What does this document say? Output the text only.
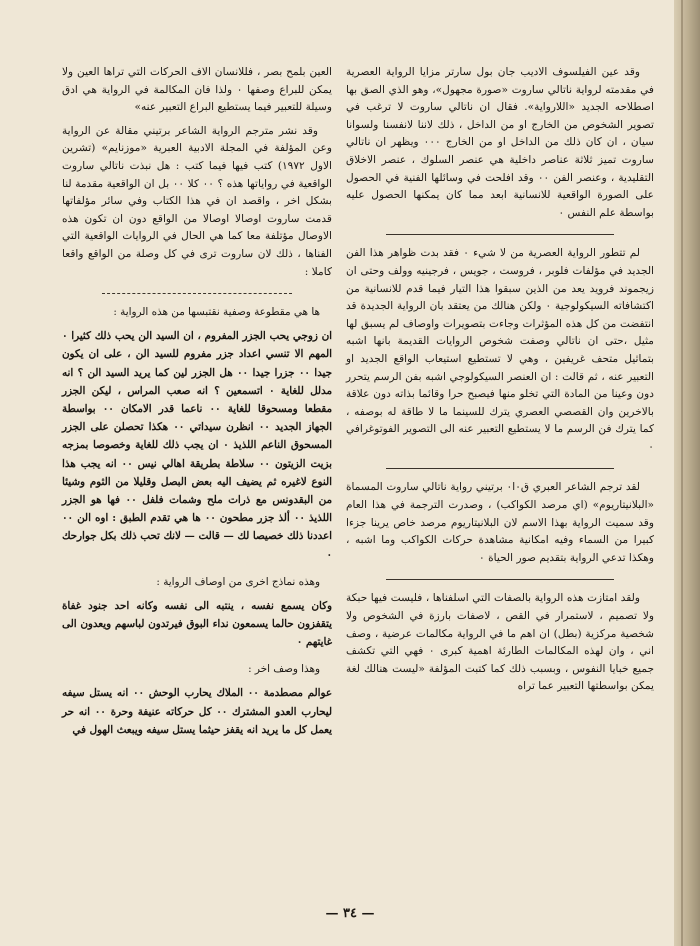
وقد عين الفيلسوف الاديب جان بول سارتر مزايا الرواية العصرية في مقدمته لرواية ناتالي ساروت «صورة مجهول»، وهو الذي الصق بها اصطلاحه الجديد «اللارواية». فقال ان ناتالي ساروت لا ترغب في تصوير الشخوص من الخارج او من الداخل ، ذلك لاننا لانفسنا ولسوانا سيان ، ان كان ذلك من الداخل او من الخارج ٠٠٠ ويظهر ان ناتالي ساروت تميز ثلاثة عناصر داخلية هي عنصر السلوك ، عنصر الاخلاق التقليدية ، وعنصر الفن ٠٠ وقد افلحت في وسائلها الفنية في الحصول على الصورة الواقعية للانسانية ابعد مما كان يمكنها الحصول عليه بواسطة علم النفس ٠

لم تتطور الرواية العصرية من لا شيء ٠ فقد بدت ظواهر هذا الفن الجديد في مؤلفات فلوبر ، فروست ، جويس ، فرجينيه وولف وحتى ان زيجموند فرويد يعد من الذين سبقوا هذا التيار فيما قدم للانسانية من اكتشافاته السيكولوجية ٠ ولكن هنالك من يعتقد بان الرواية الجديدة قد انتفضت من كل هذه المؤثرات وجاءت بتصويرات واوصاف لم يسبق لها مثيل ،حتى ان ناتالي وصفت شخوص الروايات القديمة بانها اشبه بتماثيل متحف غريفين ، وهي لا تستطيع استيعاب الواقع الجديد او التعبير عنه ، ثم قالت : ان العنصر السيكولوجي اشبه بفن الرسم يتحرر دون وعينا من المادة التي تخلو منها فيصبح حرا وقائما بذاته دون علاقة بالاخرين وان القصصي العصري يترك للسينما ما لا طاقة له بوصفه ، كما يترك فن الرسم ما لا يستطيع التعبير عنه الى التصوير الفوتوغرافي ٠

لقد ترجم الشاعر العبري ق٠ا٠ برتيني رواية ناتالي ساروت المسماة «البلانيتاريوم» (اي مرصد الكواكب) ، وصدرت الترجمة في هذا العام وقد سميت الرواية بهذا الاسم لان البلانيتاريوم مرصد خاص يرينا جزءا كبيرا من السماء وفيه امكانية مشاهدة حركات الكواكب وما اشبه ، وهكذا تدعي الرواية بتقديم صور الحياة ٠

ولقد امتازت هذه الرواية بالصفات التي اسلفناها ، فليست فيها حبكة ولا تصميم ، لاستمرار في القص ، لاصفات بارزة في الشخوص ولا شخصية مركزية (بطل) ان اهم ما في الرواية مكالمات عرضية ، وصف اني ، وان لهذه المكالمات الطارئة اهمية كبرى ٠ فهي التي تكشف جميع خبايا النفوس ، وبسبب ذلك كما كتبت المؤلفة «ليست هنالك لغة يمكن بواسطتها التعبير عما تراه

العين بلمح بصر ، فللانسان الاف الحركات التي تراها العين ولا يمكن للبراع وصفها ٠ ولذا فان المكالمة في الرواية هي ادق وسيلة للتعبير فيما يستطيع البراع التعبير عنه»

وقد نشر مترجم الرواية الشاعر برتيني مقالة عن الرواية وعن المؤلفة في المجلة الادبية العبرية «موزنايم» (تشرين الاول ١٩٧٢) كتب فيها فيما كتب : هل نبذت ناتالي ساروت الواقعية في رواياتها هذه ؟ ٠٠ كلا ٠٠ بل ان الواقعية مقدمة لنا بشكل اخر ، واقصد ان في هذا الكتاب وفي سائر مؤلفاتها قدمت ساروت اوصالا اوصالا من الواقع دون ان تكون هذه الاوصال مؤتلفة معا كما هي الحال في الروايات الواقعية التي الفناها ، ذلك لان ساروت ترى في كل وصلة من الواقع واقعا كاملا :

ها هي مقطوعة وصفية نقتبسها من هذه الرواية :

ان زوجي يحب الجزر المفروم ، ان السيد الن يحب ذلك كثيرا ٠ المهم الا تنسي اعداد جزر مفروم للسيد الن ، على ان يكون جيدا ٠٠ جزرا جيدا ٠٠ هل الجزر لين كما يريد السيد الن ؟ انه مدلل للغاية ٠ اتسمعين ؟ انه صعب المراس ، ليكن الجزر مقطعا ومسحوقا للغاية ٠٠ ناعما قدر الامكان ٠٠ بواسطة الجهاز الجديد ٠٠ انظرن سيداتي ٠٠ هكذا تحصلن على الجزر المسحوق الناعم اللذيذ ٠ ان يجب ذلك للغاية وخصوصا بمزجه بزيت الزيتون ٠٠ سلاطة بطريقة اهالي نيس ٠٠ انه يجب هذا النوع لاغيره ثم يضيف اليه بعض البصل وقليلا من الثوم وشيئا من البقدونس مع ذرات ملح وشمات فلفل ٠٠ فها هو الجزر اللذيذ ٠٠ ألذ جزر مطحون ٠٠ ها هي تقدم الطبق : اوه الن ٠٠ اعددنا ذلك خصيصا لك — قالت — لانك تحب ذلك بكل جوارحك ٠

وهذه نماذج اخرى من اوصاف الرواية :

وكان يسمع نفسه ، ينتبه الى نفسه وكانه احد جنود غفاة يتقفزون حالما يسمعون نداء البوق فيرتدون لباسهم ويعدون الى غايتهم ٠

وهذا وصف اخر :

عوالم مصطدمة ٠٠ الملاك يحارب الوحش ٠٠ انه يستل سيفه ليحارب العدو المشترك ٠٠ كل حركاته عنيفة وحرة ٠٠ انه حر يعمل كل ما يريد انه يقفز حيثما يستل سيفه ويبعث الهول في

— ٣٤ —
